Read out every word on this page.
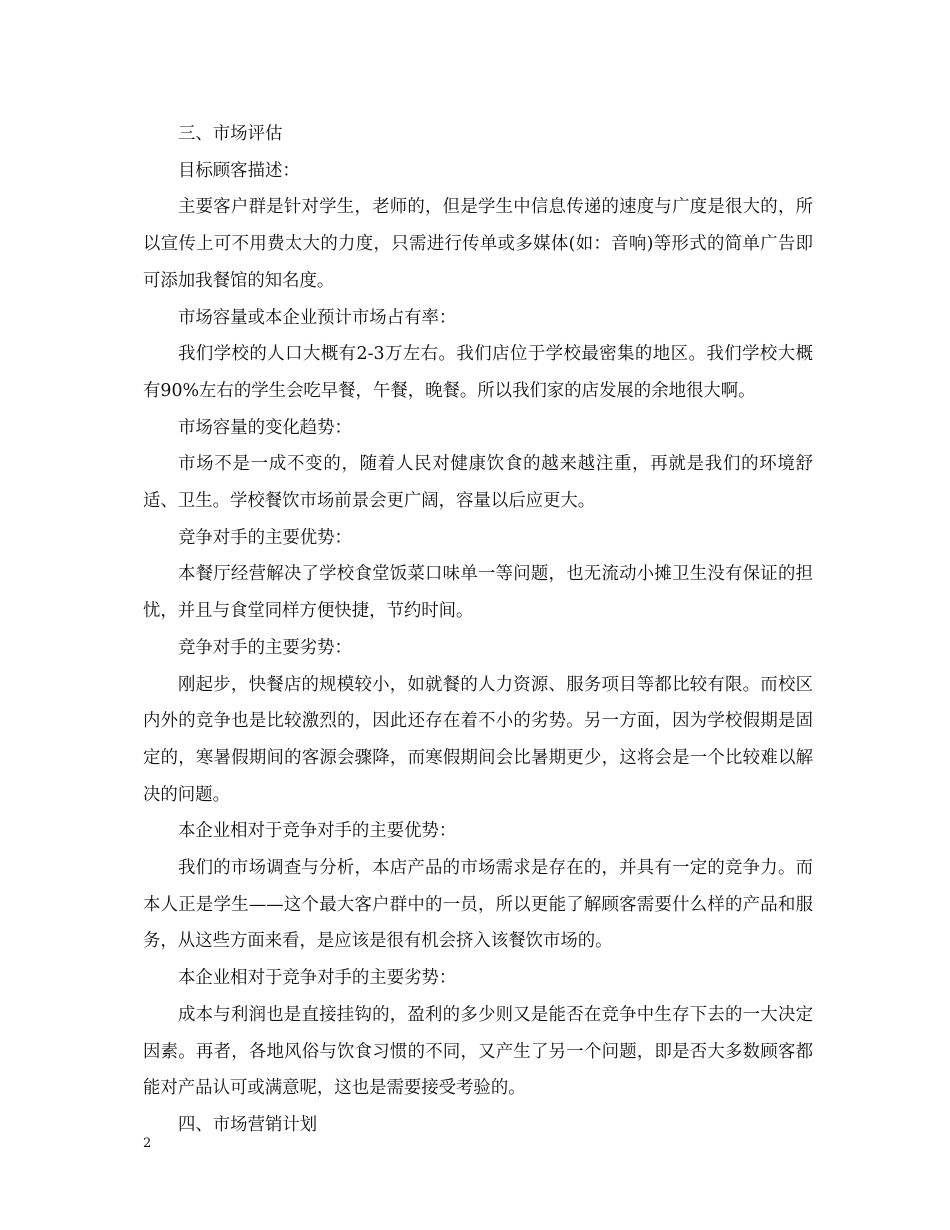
三、市场评估

目标顾客描述：

主要客户群是针对学生，老师的，但是学生中信息传递的速度与广度是很大的，所以宣传上可不用费太大的力度，只需进行传单或多媒体(如：音响)等形式的简单广告即可添加我餐馆的知名度。

市场容量或本企业预计市场占有率：

我们学校的人口大概有2-3万左右。我们店位于学校最密集的地区。我们学校大概有90%左右的学生会吃早餐，午餐，晚餐。所以我们家的店发展的余地很大啊。

市场容量的变化趋势：

市场不是一成不变的，随着人民对健康饮食的越来越注重，再就是我们的环境舒适、卫生。学校餐饮市场前景会更广阔，容量以后应更大。

竞争对手的主要优势：

本餐厅经营解决了学校食堂饭菜口味单一等问题，也无流动小摊卫生没有保证的担忧，并且与食堂同样方便快捷，节约时间。

竞争对手的主要劣势：

刚起步，快餐店的规模较小，如就餐的人力资源、服务项目等都比较有限。而校区内外的竞争也是比较激烈的，因此还存在着不小的劣势。另一方面，因为学校假期是固定的，寒暑假期间的客源会骤降，而寒假期间会比暑期更少，这将会是一个比较难以解决的问题。

本企业相对于竞争对手的主要优势：

我们的市场调查与分析，本店产品的市场需求是存在的，并具有一定的竞争力。而本人正是学生——这个最大客户群中的一员，所以更能了解顾客需要什么样的产品和服务，从这些方面来看，是应该是很有机会挤入该餐饮市场的。

本企业相对于竞争对手的主要劣势：

成本与利润也是直接挂钩的，盈利的多少则又是能否在竞争中生存下去的一大决定因素。再者，各地风俗与饮食习惯的不同，又产生了另一个问题，即是否大多数顾客都能对产品认可或满意呢，这也是需要接受考验的。

四、市场营销计划

2
